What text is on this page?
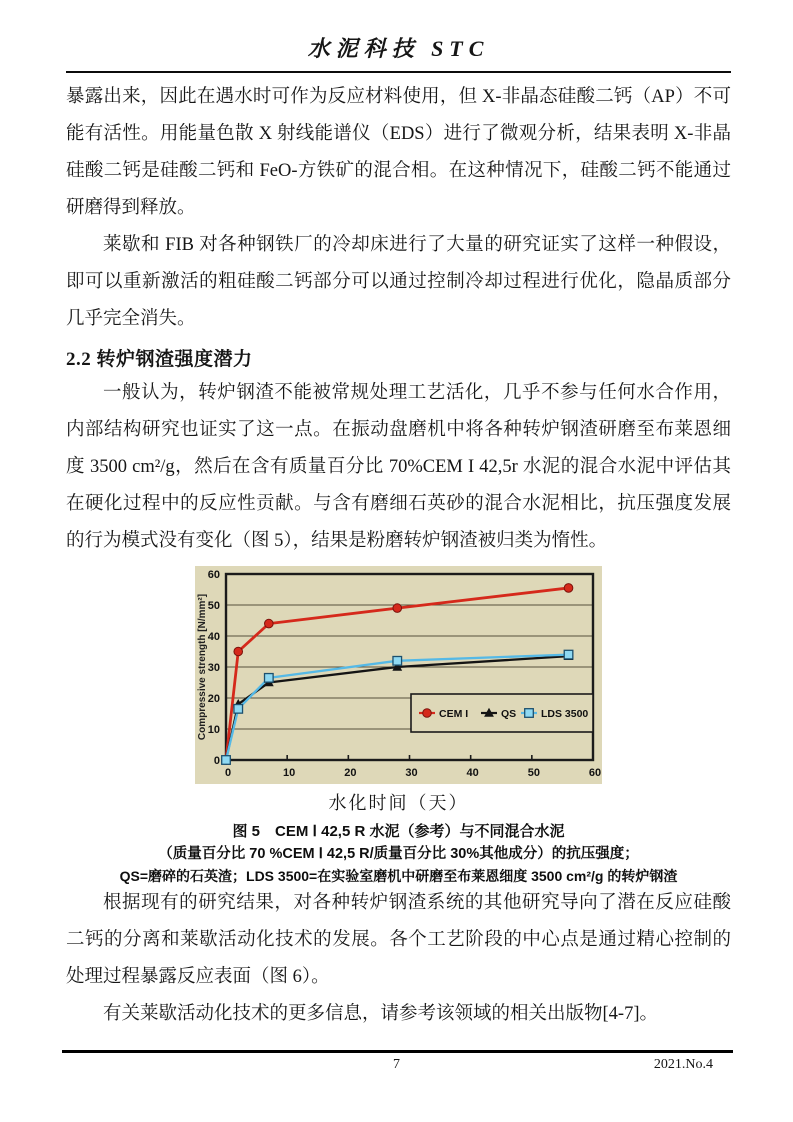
水泥科技 STC

暴露出来，因此在遇水时可作为反应材料使用，但 X-非晶态硅酸二钙（AP）不可能有活性。用能量色散 X 射线能谱仪（EDS）进行了微观分析，结果表明 X-非晶硅酸二钙是硅酸二钙和 FeO-方铁矿的混合相。在这种情况下，硅酸二钙不能通过研磨得到释放。

莱歇和 FIB 对各种钢铁厂的冷却床进行了大量的研究证实了这样一种假设，即可以重新激活的粗硅酸二钙部分可以通过控制冷却过程进行优化，隐晶质部分几乎完全消失。

2.2 转炉钢渣强度潜力

一般认为，转炉钢渣不能被常规处理工艺活化，几乎不参与任何水合作用，内部结构研究也证实了这一点。在振动盘磨机中将各种转炉钢渣研磨至布莱恩细度 3500 cm²/g，然后在含有质量百分比 70%CEM I 42,5r 水泥的混合水泥中评估其在硬化过程中的反应性贡献。与含有磨细石英砂的混合水泥相比，抗压强度发展的行为模式没有变化（图 5），结果是粉磨转炉钢渣被归类为惰性。

0
10
20
30
40
50
60
0	10	20	30	40	50	60
Compressive strength [N/mm²]	CEM I	QS LDS 3500
水化时间（天）
图 5　CEM Ⅰ 42,5 R 水泥（参考）与不同混合水泥
（质量百分比 70 %CEM Ⅰ 42,5 R/质量百分比 30%其他成分）的抗压强度；
QS=磨碎的石英渣；LDS 3500=在实验室磨机中研磨至布莱恩细度 3500 cm²/g 的转炉钢渣

根据现有的研究结果，对各种转炉钢渣系统的其他研究导向了潜在反应硅酸二钙的分离和莱歇活动化技术的发展。各个工艺阶段的中心点是通过精心控制的处理过程暴露反应表面（图 6）。

有关莱歇活动化技术的更多信息，请参考该领域的相关出版物[4-7]。

7	2021.No.4
